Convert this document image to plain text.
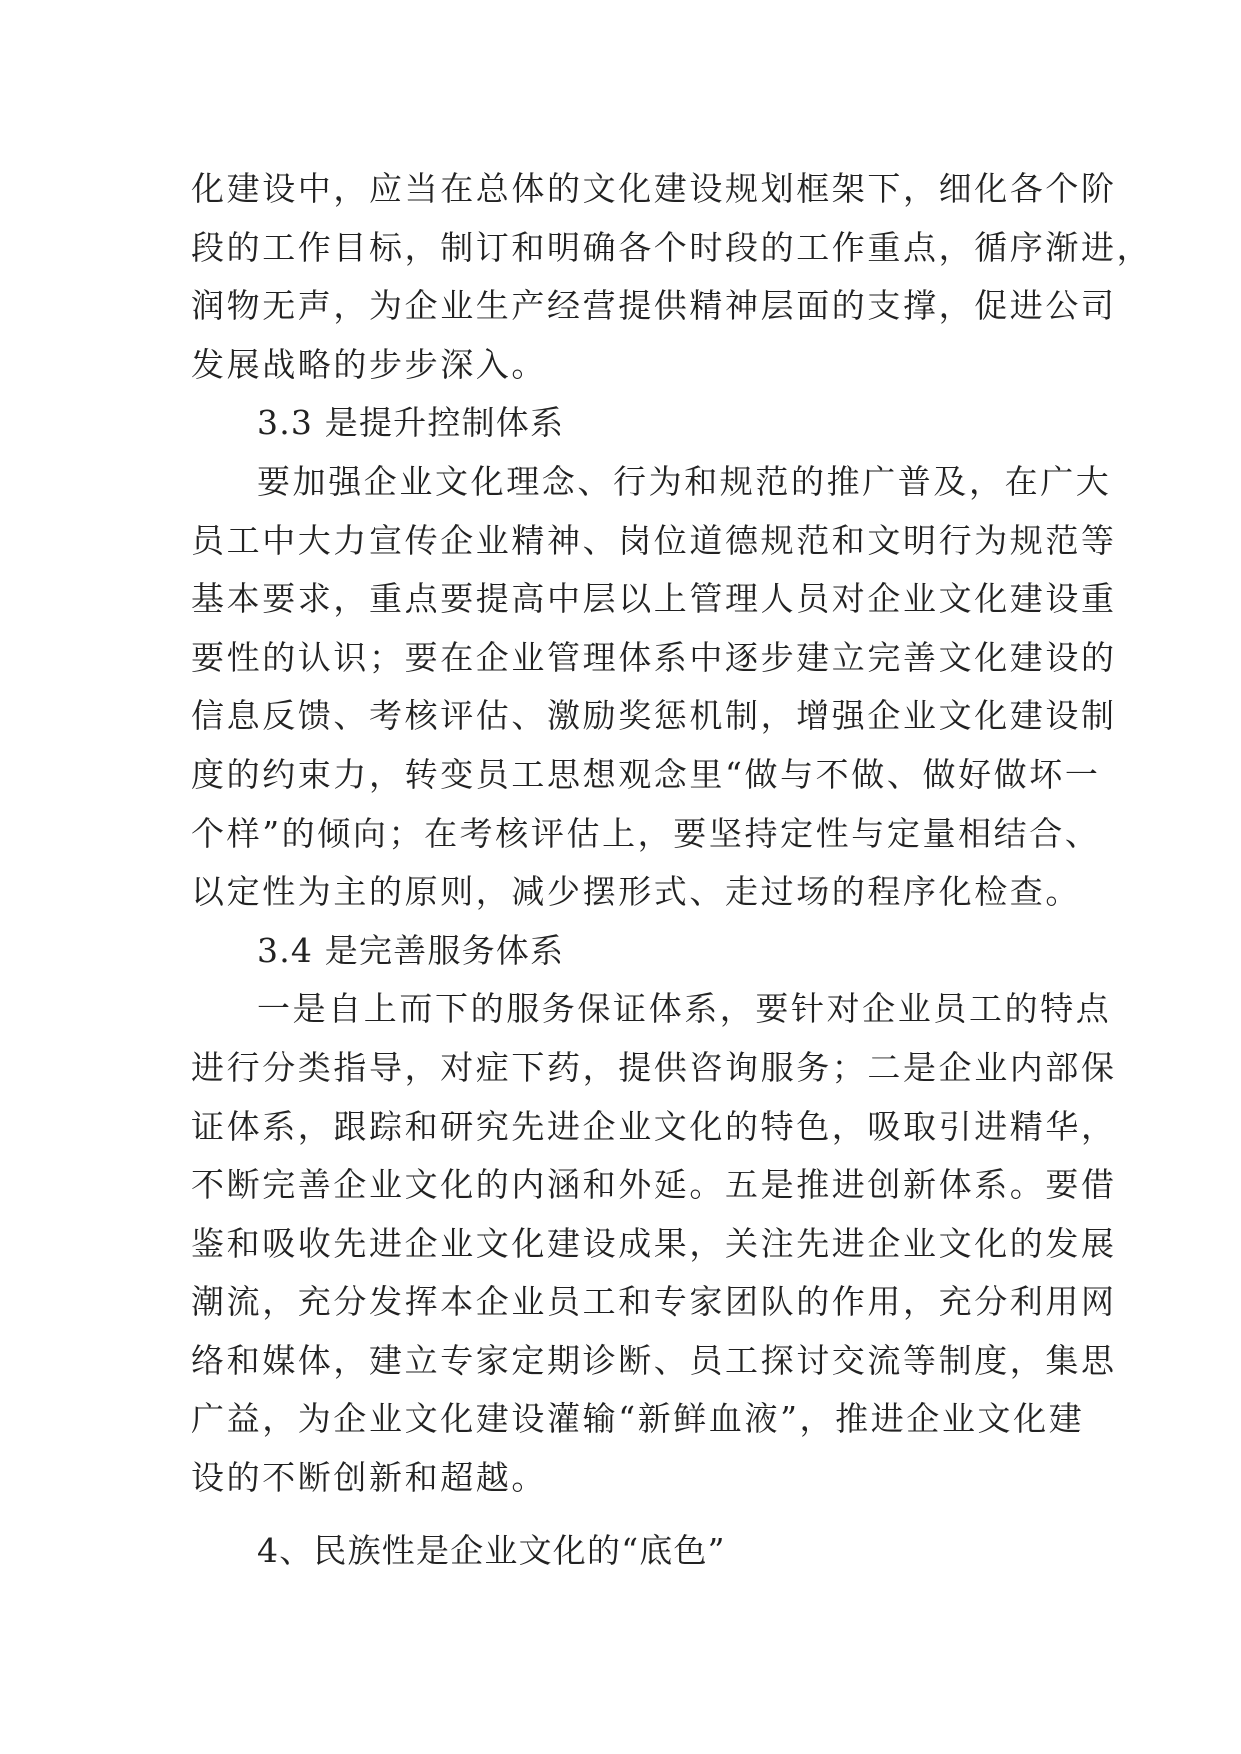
化建设中，应当在总体的文化建设规划框架下，细化各个阶
段的工作目标，制订和明确各个时段的工作重点，循序渐进，
润物无声，为企业生产经营提供精神层面的支撑，促进公司
发展战略的步步深入。
3.3 是提升控制体系
要加强企业文化理念、行为和规范的推广普及，在广大
员工中大力宣传企业精神、岗位道德规范和文明行为规范等
基本要求，重点要提高中层以上管理人员对企业文化建设重
要性的认识；要在企业管理体系中逐步建立完善文化建设的
信息反馈、考核评估、激励奖惩机制，增强企业文化建设制
度的约束力，转变员工思想观念里“做与不做、做好做坏一
个样”的倾向；在考核评估上，要坚持定性与定量相结合、
以定性为主的原则，减少摆形式、走过场的程序化检查。
3.4 是完善服务体系
一是自上而下的服务保证体系，要针对企业员工的特点
进行分类指导，对症下药，提供咨询服务；二是企业内部保
证体系，跟踪和研究先进企业文化的特色，吸取引进精华，
不断完善企业文化的内涵和外延。五是推进创新体系。要借
鉴和吸收先进企业文化建设成果，关注先进企业文化的发展
潮流，充分发挥本企业员工和专家团队的作用，充分利用网
络和媒体，建立专家定期诊断、员工探讨交流等制度，集思
广益，为企业文化建设灌输“新鲜血液”，推进企业文化建
设的不断创新和超越。
4、民族性是企业文化的“底色”
